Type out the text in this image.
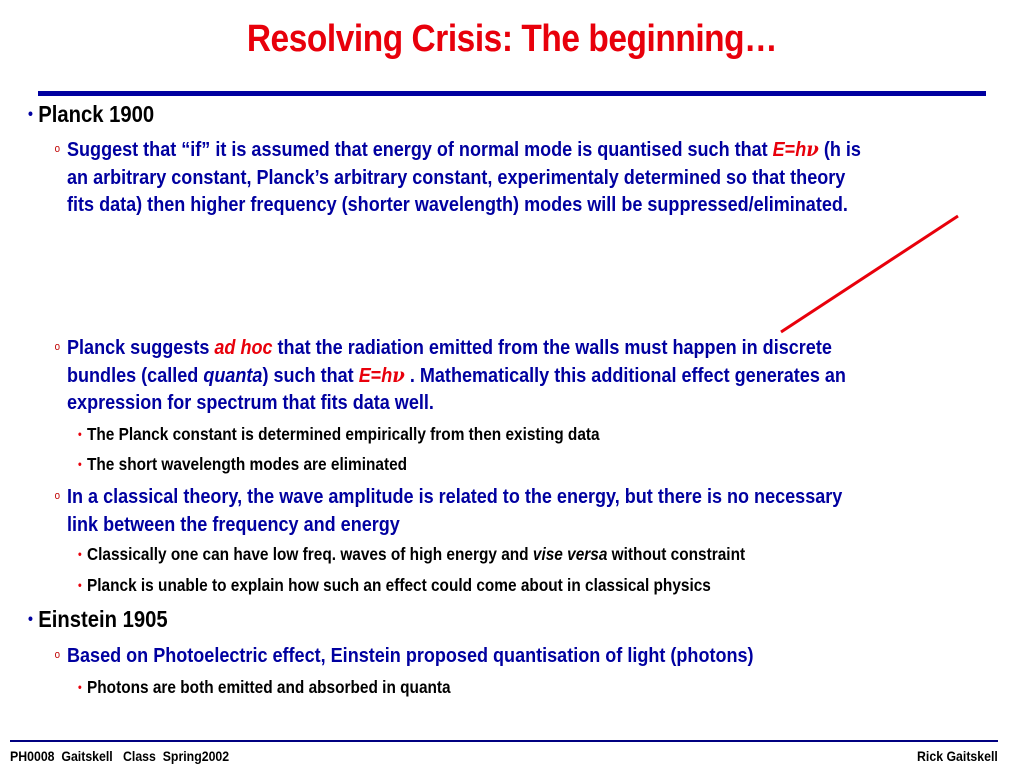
Resolving Crisis: The beginning…
• Planck 1900
o Suggest that “if” it is assumed that energy of normal mode is quantised such that E=hν (h is
an arbitrary constant, Planck’s arbitrary constant, experimentaly determined so that theory
fits data) then higher frequency (shorter wavelength) modes will be suppressed/eliminated.
o Planck suggests ad hoc that the radiation emitted from the walls must happen in discrete
bundles (called quanta) such that E=hν . Mathematically this additional effect generates an
expression for spectrum that fits data well.
• The Planck constant is determined empirically from then existing data
• The short wavelength modes are eliminated
o In a classical theory, the wave amplitude is related to the energy, but there is no necessary
link between the frequency and energy
• Classically one can have low freq. waves of high energy and vise versa without constraint
• Planck is unable to explain how such an effect could come about in classical physics
• Einstein 1905
o Based on Photoelectric effect, Einstein proposed quantisation of light (photons)
• Photons are both emitted and absorbed in quanta
PH0008  Gaitskell   Class  Spring2002	Rick Gaitskell
